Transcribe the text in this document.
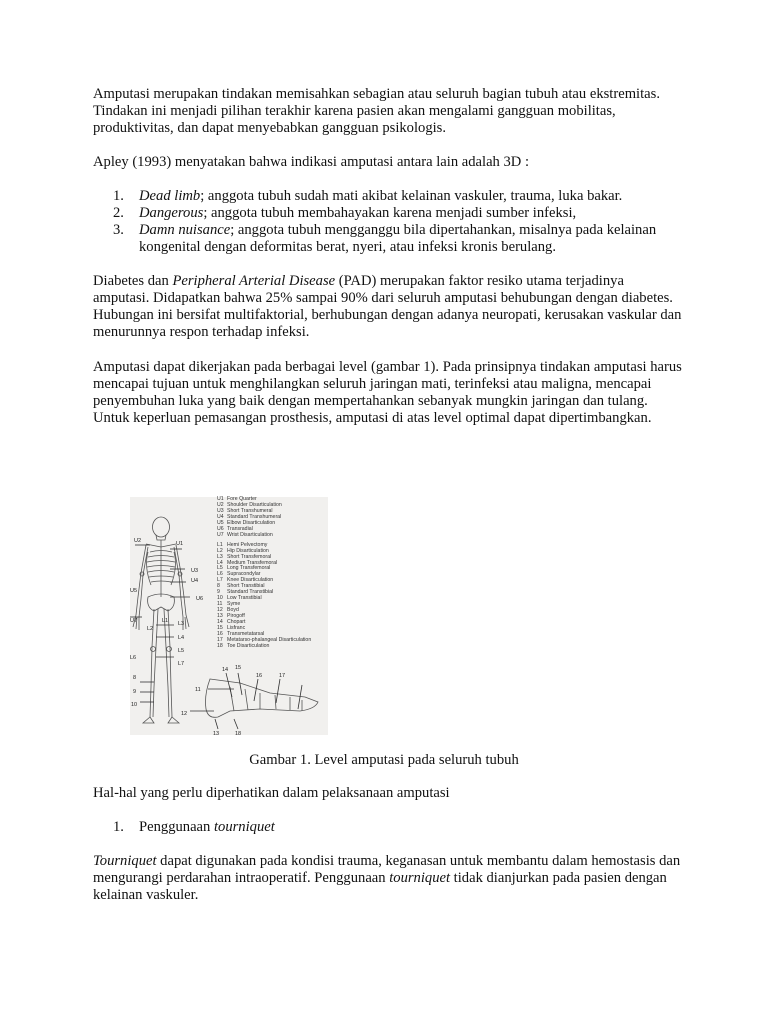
Amputasi merupakan tindakan memisahkan sebagian atau seluruh bagian tubuh atau ekstremitas. Tindakan ini menjadi pilihan terakhir karena pasien akan mengalami gangguan mobilitas, produktivitas, dan dapat menyebabkan gangguan psikologis.

Apley (1993) menyatakan bahwa indikasi amputasi antara lain adalah 3D :

1. Dead limb; anggota tubuh sudah mati akibat kelainan vaskuler, trauma, luka bakar.
2. Dangerous; anggota tubuh membahayakan karena menjadi sumber infeksi,
3. Damn nuisance; anggota tubuh mengganggu bila dipertahankan, misalnya pada kelainan kongenital dengan deformitas berat, nyeri, atau infeksi kronis berulang.

Diabetes dan Peripheral Arterial Disease (PAD) merupakan faktor resiko utama terjadinya amputasi. Didapatkan bahwa 25% sampai 90% dari seluruh amputasi behubungan dengan diabetes. Hubungan ini bersifat multifaktorial, berhubungan dengan adanya neuropati, kerusakan vaskular dan menurunnya respon terhadap infeksi.

Amputasi dapat dikerjakan pada berbagai level (gambar 1). Pada prinsipnya tindakan amputasi harus mencapai tujuan untuk menghilangkan seluruh jaringan mati, terinfeksi atau maligna, mencapai penyembuhan luka yang baik dengan mempertahankan sebanyak mungkin jaringan dan tulang. Untuk keperluan pemasangan prosthesis, amputasi di atas level optimal dapat dipertimbangkan.

U2	U1
U3
U4
U5
U6
U7	L1
L2
L3
L4
L5
L6
L7
8
9
10
11
12
13
14 15
16	17
18
U1 Fore Quarter
U2 Shoulder Disarticulation
U3 Short Transhumeral
U4 Standard Transhumeral
U5 Elbow Disarticulation
U6 Transradial
U7 Wrist Disarticulation
L1 Hemi Pelvectomy
L2 Hip Disarticulation
L3 Short Transfemoral
L4 Medium Transfemoral
L5 Long Transfemoral
L6 Supracondylar
L7 Knee Disarticulation
8 Short Transtibial
9 Standard Transtibial
10 Low Transtibial
11 Syme
12 Boyd
13 Pirogoff
14 Chopart
15 Lisfranc
16 Transmetatarsal
17 Metatarso-phalangeal Disarticulation
18 Toe Disarticulation

Gambar 1. Level amputasi pada seluruh tubuh

Hal-hal yang perlu diperhatikan dalam pelaksanaan amputasi

1. Penggunaan tourniquet

Tourniquet dapat digunakan pada kondisi trauma, keganasan untuk membantu dalam hemostasis dan mengurangi perdarahan intraoperatif. Penggunaan tourniquet tidak dianjurkan pada pasien dengan kelainan vaskuler.
